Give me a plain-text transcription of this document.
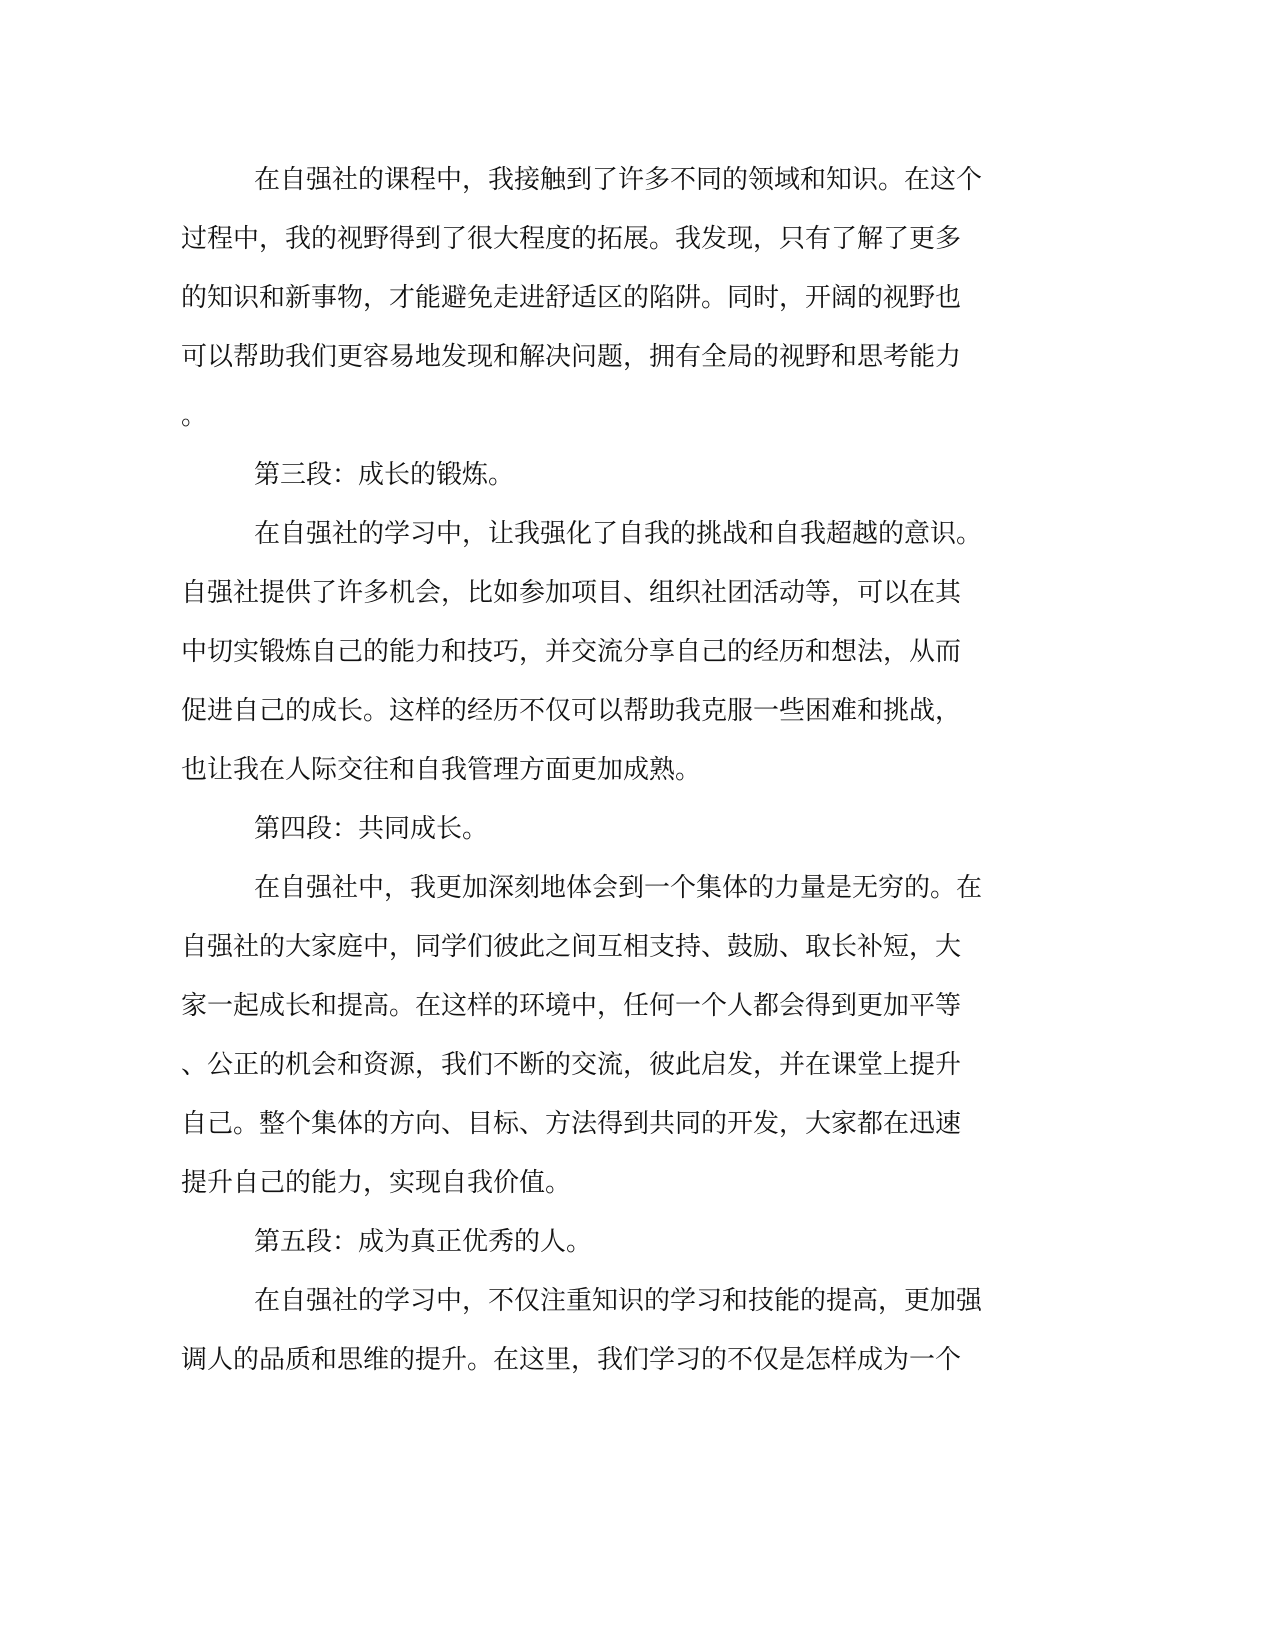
在自强社的课程中，我接触到了许多不同的领域和知识。在这个
过程中，我的视野得到了很大程度的拓展。我发现，只有了解了更多
的知识和新事物，才能避免走进舒适区的陷阱。同时，开阔的视野也
可以帮助我们更容易地发现和解决问题，拥有全局的视野和思考能力
。
第三段：成长的锻炼。
在自强社的学习中，让我强化了自我的挑战和自我超越的意识。
自强社提供了许多机会，比如参加项目、组织社团活动等，可以在其
中切实锻炼自己的能力和技巧，并交流分享自己的经历和想法，从而
促进自己的成长。这样的经历不仅可以帮助我克服一些困难和挑战，
也让我在人际交往和自我管理方面更加成熟。
第四段：共同成长。
在自强社中，我更加深刻地体会到一个集体的力量是无穷的。在
自强社的大家庭中，同学们彼此之间互相支持、鼓励、取长补短，大
家一起成长和提高。在这样的环境中，任何一个人都会得到更加平等
、公正的机会和资源，我们不断的交流，彼此启发，并在课堂上提升
自己。整个集体的方向、目标、方法得到共同的开发，大家都在迅速
提升自己的能力，实现自我价值。
第五段：成为真正优秀的人。
在自强社的学习中，不仅注重知识的学习和技能的提高，更加强
调人的品质和思维的提升。在这里，我们学习的不仅是怎样成为一个
